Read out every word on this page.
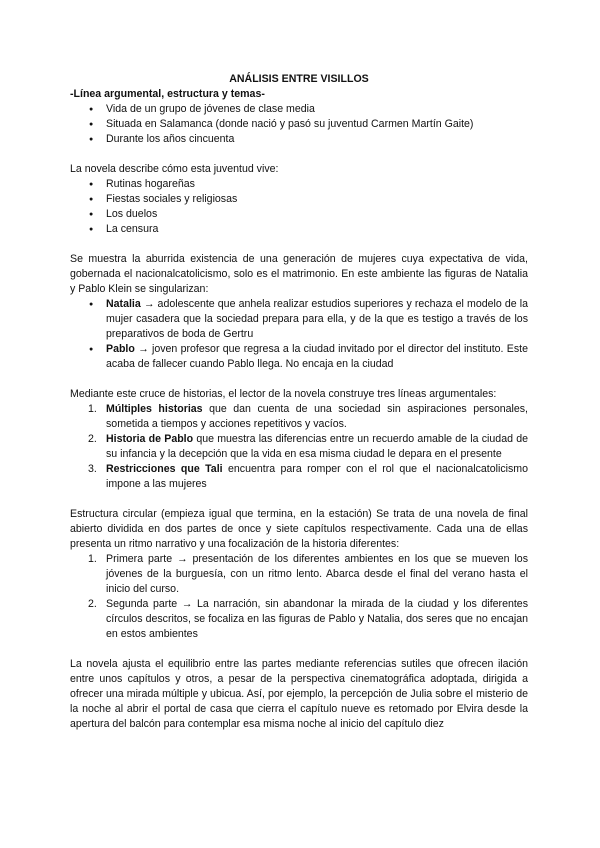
ANÁLISIS ENTRE VISILLOS

-Línea argumental, estructura y temas-

● Vida de un grupo de jóvenes de clase media
● Situada en Salamanca (donde nació y pasó su juventud Carmen Martín Gaite)
● Durante los años cincuenta

La novela describe cómo esta juventud vive:

● Rutinas hogareñas
● Fiestas sociales y religiosas
● Los duelos
● La censura

Se muestra la aburrida existencia de una generación de mujeres cuya expectativa de vida, gobernada el nacionalcatolicismo, solo es el matrimonio. En este ambiente las figuras de Natalia y Pablo Klein se singularizan:

● Natalia → adolescente que anhela realizar estudios superiores y rechaza el modelo de la mujer casadera que la sociedad prepara para ella, y de la que es testigo a través de los preparativos de boda de Gertru
● Pablo → joven profesor que regresa a la ciudad invitado por el director del instituto. Este acaba de fallecer cuando Pablo llega. No encaja en la ciudad

Mediante este cruce de historias, el lector de la novela construye tres líneas argumentales:

1. Múltiples historias que dan cuenta de una sociedad sin aspiraciones personales, sometida a tiempos y acciones repetitivos y vacíos.
2. Historia de Pablo que muestra las diferencias entre un recuerdo amable de la ciudad de su infancia y la decepción que la vida en esa misma ciudad le depara en el presente
3. Restricciones que Tali encuentra para romper con el rol que el nacionalcatolicismo impone a las mujeres

Estructura circular (empieza igual que termina, en la estación) Se trata de una novela de final abierto dividida en dos partes de once y siete capítulos respectivamente. Cada una de ellas presenta un ritmo narrativo y una focalización de la historia diferentes:

1. Primera parte → presentación de los diferentes ambientes en los que se mueven los jóvenes de la burguesía, con un ritmo lento. Abarca desde el final del verano hasta el inicio del curso.
2. Segunda parte → La narración, sin abandonar la mirada de la ciudad y los diferentes círculos descritos, se focaliza en las figuras de Pablo y Natalia, dos seres que no encajan en estos ambientes

La novela ajusta el equilibrio entre las partes mediante referencias sutiles que ofrecen ilación entre unos capítulos y otros, a pesar de la perspectiva cinematográfica adoptada, dirigida a ofrecer una mirada múltiple y ubicua. Así, por ejemplo, la percepción de Julia sobre el misterio de la noche al abrir el portal de casa que cierra el capítulo nueve es retomado por Elvira desde la apertura del balcón para contemplar esa misma noche al inicio del capítulo diez
